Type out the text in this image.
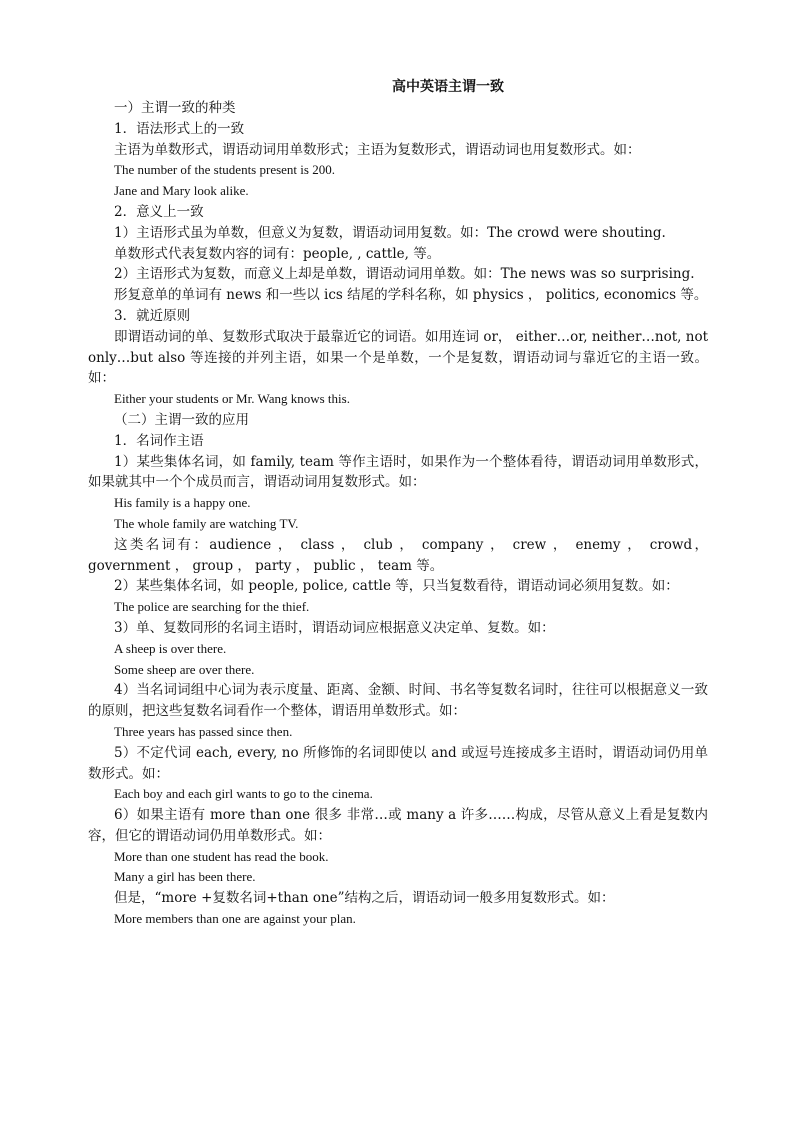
高中英语主谓一致

一）主谓一致的种类

1．语法形式上的一致

主语为单数形式，谓语动词用单数形式；主语为复数形式，谓语动词也用复数形式。如：

The number of the students present is 200.

Jane and Mary look alike.

2．意义上一致

1）主语形式虽为单数，但意义为复数，谓语动词用复数。如：The crowd were shouting.

单数形式代表复数内容的词有：people, , cattle, 等。

2）主语形式为复数，而意义上却是单数，谓语动词用单数。如：The news was so surprising.

形复意单的单词有 news 和一些以 ics 结尾的学科名称，如 physics ， politics, economics 等。

3．就近原则

即谓语动词的单、复数形式取决于最靠近它的词语。如用连词 or， either…or, neither…not, not only…but also 等连接的并列主语，如果一个是单数，一个是复数，谓语动词与靠近它的主语一致。如：

Either your students or Mr. Wang knows this.

（二）主谓一致的应用

1．名词作主语

1）某些集体名词，如 family, team 等作主语时，如果作为一个整体看待，谓语动词用单数形式，如果就其中一个个成员而言，谓语动词用复数形式。如：

His family is a happy one.

The whole family are watching TV.

这类名词有：audience ， class ， club ， company ， crew ， enemy ， crowd， government ， group ， party ， public ， team 等。

2）某些集体名词，如 people, police, cattle 等，只当复数看待，谓语动词必须用复数。如：

The police are searching for the thief.

3）单、复数同形的名词主语时，谓语动词应根据意义决定单、复数。如：

A sheep is over there.

Some sheep are over there.

4）当名词词组中心词为表示度量、距离、金额、时间、书名等复数名词时，往往可以根据意义一致的原则，把这些复数名词看作一个整体，谓语用单数形式。如：

Three years has passed since then.

5）不定代词 each, every, no 所修饰的名词即使以 and 或逗号连接成多主语时，谓语动词仍用单数形式。如：

Each boy and each girl wants to go to the cinema.

6）如果主语有 more than one 很多 非常…或 many a 许多……构成，尽管从意义上看是复数内容，但它的谓语动词仍用单数形式。如：

More than one student has read the book.

Many a girl has been there.

但是，“more +复数名词+than one”结构之后，谓语动词一般多用复数形式。如：

More members than one are against your plan.
